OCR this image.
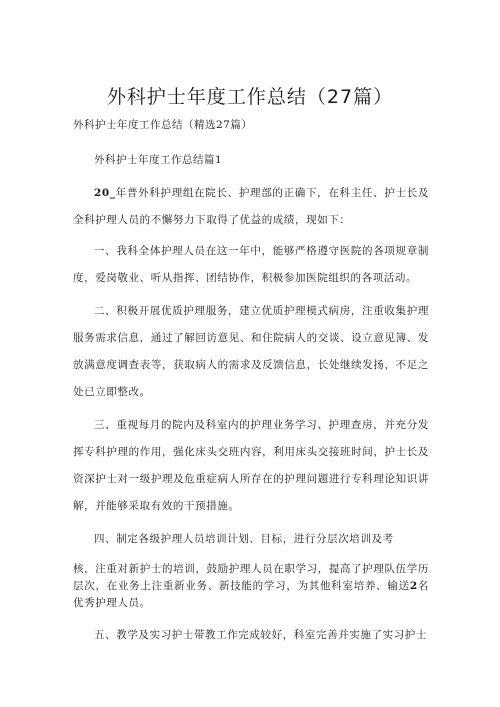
外科护士年度工作总结（27篇）
外科护士年度工作总结（精选27篇）
外科护士年度工作总结篇1

20_年普外科护理组在院长、护理部的正确下，在科主任、护士长及全科护理人员的不懈努力下取得了优益的成绩，现如下：

一、我科全体护理人员在这一年中，能够严格遵守医院的各项规章制度，爱岗敬业、听从指挥、团结协作，积极参加医院组织的各项活动。

二、积极开展优质护理服务，建立优质护理模式病房，注重收集护理服务需求信息，通过了解回访意见、和住院病人的交谈、设立意见簿、发放满意度调查表等，获取病人的需求及反馈信息，长处继续发扬，不足之处已立即整改。

三、重视每月的院内及科室内的护理业务学习、护理查房，并充分发挥专科护理的作用，强化床头交班内容，利用床头交接班时间，护士长及资深护士对一级护理及危重症病人所存在的护理问题进行专科理论知识讲解，并能够采取有效的干预措施。

四、制定各级护理人员培训计划、目标，进行分层次培训及考

核，注重对新护士的培训，鼓励护理人员在职学习，提高了护理队伍学历层次，在业务上注重新业务、新技能的学习，为其他科室培养、输送2名优秀护理人员。

五、教学及实习护士带教工作完成较好，科室完善并实施了实习护士
